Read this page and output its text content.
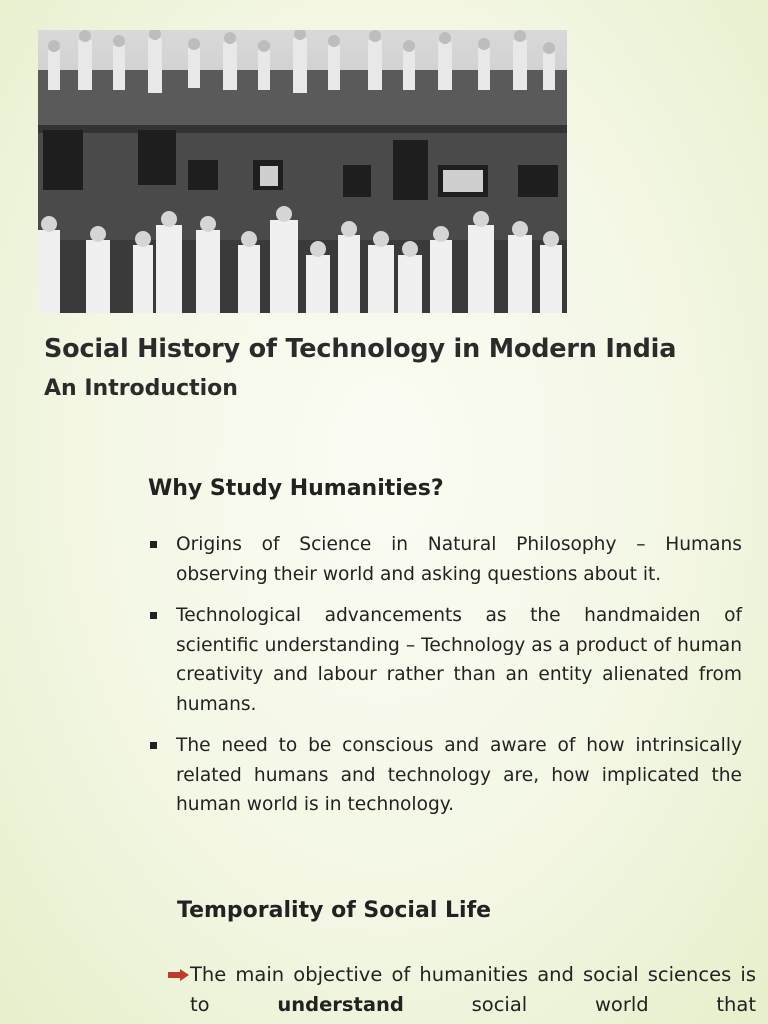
Social History of Technology in Modern India
An Introduction
Why Study Humanities?
Origins of Science in Natural Philosophy – Humans observing their world and asking questions about it.
Technological advancements as the handmaiden of scientific understanding – Technology as a product of human creativity and labour rather than an entity alienated from humans.
The need to be conscious and aware of how intrinsically related humans and technology are, how implicated the human world is in technology.
Temporality of Social Life

The main objective of humanities and social sciences is to	understand	social world that
